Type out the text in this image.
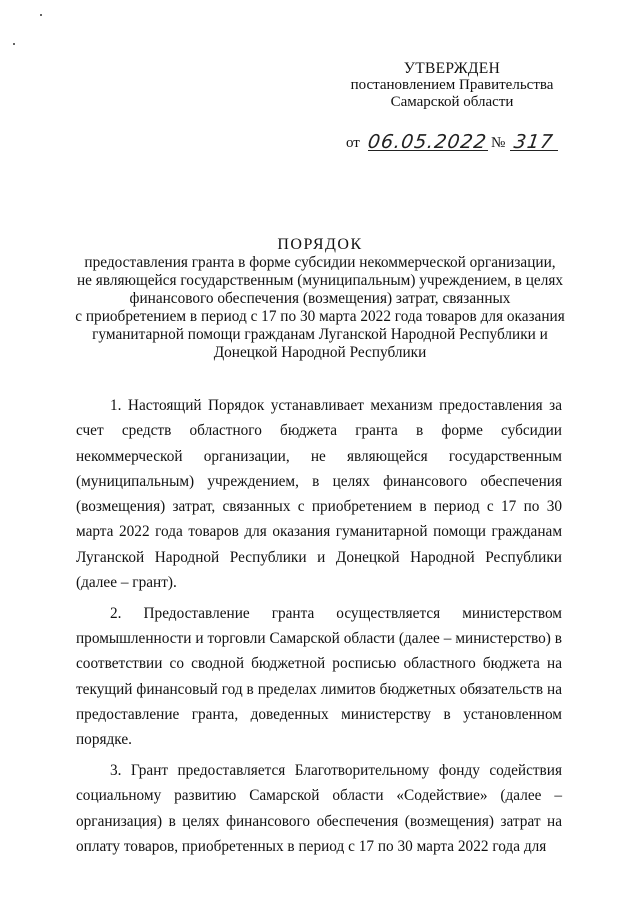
УТВЕРЖДЕН
постановлением Правительства
Самарской области
от 06.05.2022 № 317
ПОРЯДОК
предоставления гранта в форме субсидии некоммерческой организации,
не являющейся государственным (муниципальным) учреждением, в целях
финансового обеспечения (возмещения) затрат, связанных
с приобретением в период с 17 по 30 марта 2022 года товаров для оказания
гуманитарной помощи гражданам Луганской Народной Республики и
Донецкой Народной Республики

1. Настоящий Порядок устанавливает механизм предоставления за счет средств областного бюджета гранта в форме субсидии некоммерческой организации, не являющейся государственным (муниципальным) учреждением, в целях финансового обеспечения (возмещения) затрат, связанных с приобретением в период с 17 по 30 марта 2022 года товаров для оказания гуманитарной помощи гражданам Луганской Народной Республики и Донецкой Народной Республики (далее – грант).

2. Предоставление гранта осуществляется министерством промышленности и торговли Самарской области (далее – министерство) в соответствии со сводной бюджетной росписью областного бюджета на текущий финансовый год в пределах лимитов бюджетных обязательств на предоставление гранта, доведенных министерству в установленном порядке.

3. Грант предоставляется Благотворительному фонду содействия социальному развитию Самарской области «Содействие» (далее – организация) в целях финансового обеспечения (возмещения) затрат на оплату товаров, приобретенных в период с 17 по 30 марта 2022 года для
